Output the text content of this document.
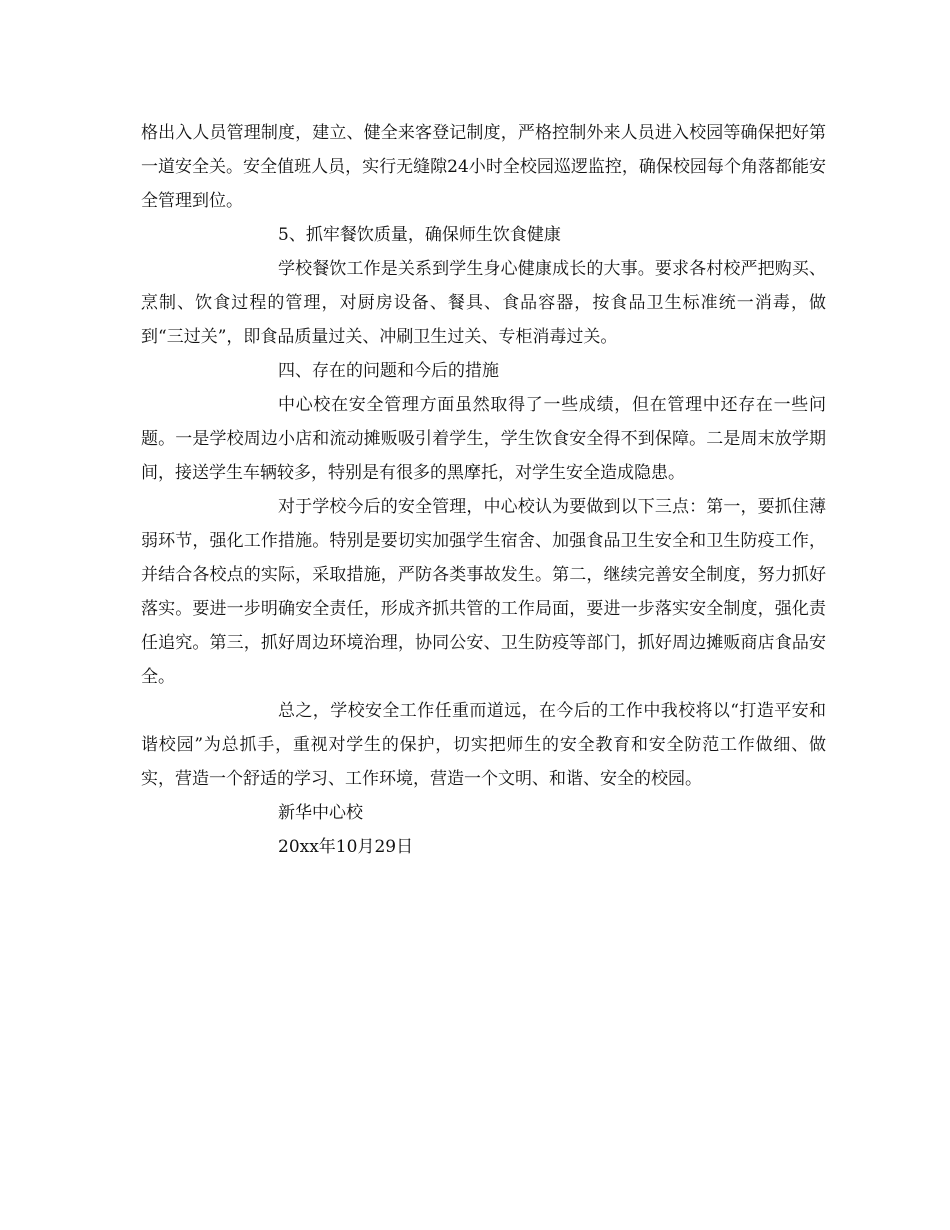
格出入人员管理制度，建立、健全来客登记制度，严格控制外来人员进入校园等确保把好第一道安全关。安全值班人员，实行无缝隙24小时全校园巡逻监控，确保校园每个角落都能安全管理到位。

5、抓牢餐饮质量，确保师生饮食健康

学校餐饮工作是关系到学生身心健康成长的大事。要求各村校严把购买、烹制、饮食过程的管理，对厨房设备、餐具、食品容器，按食品卫生标准统一消毒，做到“三过关”，即食品质量过关、冲刷卫生过关、专柜消毒过关。

四、存在的问题和今后的措施

中心校在安全管理方面虽然取得了一些成绩，但在管理中还存在一些问题。一是学校周边小店和流动摊贩吸引着学生，学生饮食安全得不到保障。二是周末放学期间，接送学生车辆较多，特别是有很多的黑摩托，对学生安全造成隐患。

对于学校今后的安全管理，中心校认为要做到以下三点：第一，要抓住薄弱环节，强化工作措施。特别是要切实加强学生宿舍、加强食品卫生安全和卫生防疫工作，并结合各校点的实际，采取措施，严防各类事故发生。第二，继续完善安全制度，努力抓好落实。要进一步明确安全责任，形成齐抓共管的工作局面，要进一步落实安全制度，强化责任追究。第三，抓好周边环境治理，协同公安、卫生防疫等部门，抓好周边摊贩商店食品安全。

总之，学校安全工作任重而道远，在今后的工作中我校将以“打造平安和谐校园”为总抓手，重视对学生的保护，切实把师生的安全教育和安全防范工作做细、做实，营造一个舒适的学习、工作环境，营造一个文明、和谐、安全的校园。

新华中心校

20xx年10月29日
